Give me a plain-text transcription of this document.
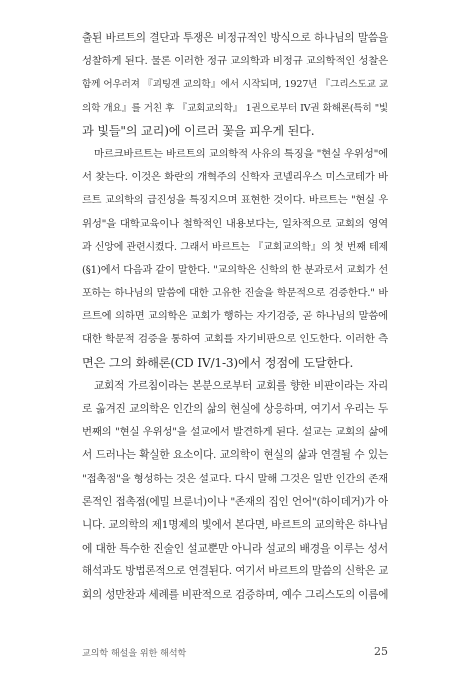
출된 바르트의 결단과 투쟁은 비정규적인 방식으로 하나님의 말씀을
성찰하게 된다. 물론 이러한 정규 교의학과 비정규 교의학적인 성찰은
함께 어우러져 『괴팅겐 교의학』에서 시작되며, 1927년 『그리스도교 교
의학 개요』를 거친 후 『교회교의학』 1권으로부터 IV권 화해론(특히 "빛
과 빛들"의 교리)에 이르러 꽃을 피우게 된다.
마르크바르트는 바르트의 교의학적 사유의 특징을 "현실 우위성"에
서 찾는다. 이것은 화란의 개혁주의 신학자 코넬리우스 미스코테가 바
르트 교의학의 급진성을 특징지으며 표현한 것이다. 바르트는 "현실 우
위성"을 대학교육이나 철학적인 내용보다는, 일차적으로 교회의 영역
과 신앙에 관련시켰다. 그래서 바르트는 『교회교의학』의 첫 번째 테제
(§1)에서 다음과 같이 말한다. "교의학은 신학의 한 분과로서 교회가 선
포하는 하나님의 말씀에 대한 고유한 진술을 학문적으로 검증한다." 바
르트에 의하면 교의학은 교회가 행하는 자기검증, 곧 하나님의 말씀에
대한 학문적 검증을 통하여 교회를 자기비판으로 인도한다. 이러한 측
면은 그의 화해론(CD IV/1-3)에서 정점에 도달한다.
교회적 가르침이라는 본분으로부터 교회를 향한 비판이라는 자리
로 옮겨진 교의학은 인간의 삶의 현실에 상응하며, 여기서 우리는 두
번째의 "현실 우위성"을 설교에서 발견하게 된다. 설교는 교회의 삶에
서 드러나는 확실한 요소이다. 교의학이 현실의 삶과 연결될 수 있는
"접촉점"을 형성하는 것은 설교다. 다시 말해 그것은 일반 인간의 존재
론적인 접촉점(에밀 브룬너)이나 "존재의 집인 언어"(하이데거)가 아
니다. 교의학의 제1명제의 빛에서 본다면, 바르트의 교의학은 하나님
에 대한 특수한 진술인 설교뿐만 아니라 설교의 배경을 이루는 성서
해석과도 방법론적으로 연결된다. 여기서 바르트의 말씀의 신학은 교
회의 성만찬과 세례를 비판적으로 검증하며, 예수 그리스도의 이름에
교의학 해설을 위한 해석학	25
